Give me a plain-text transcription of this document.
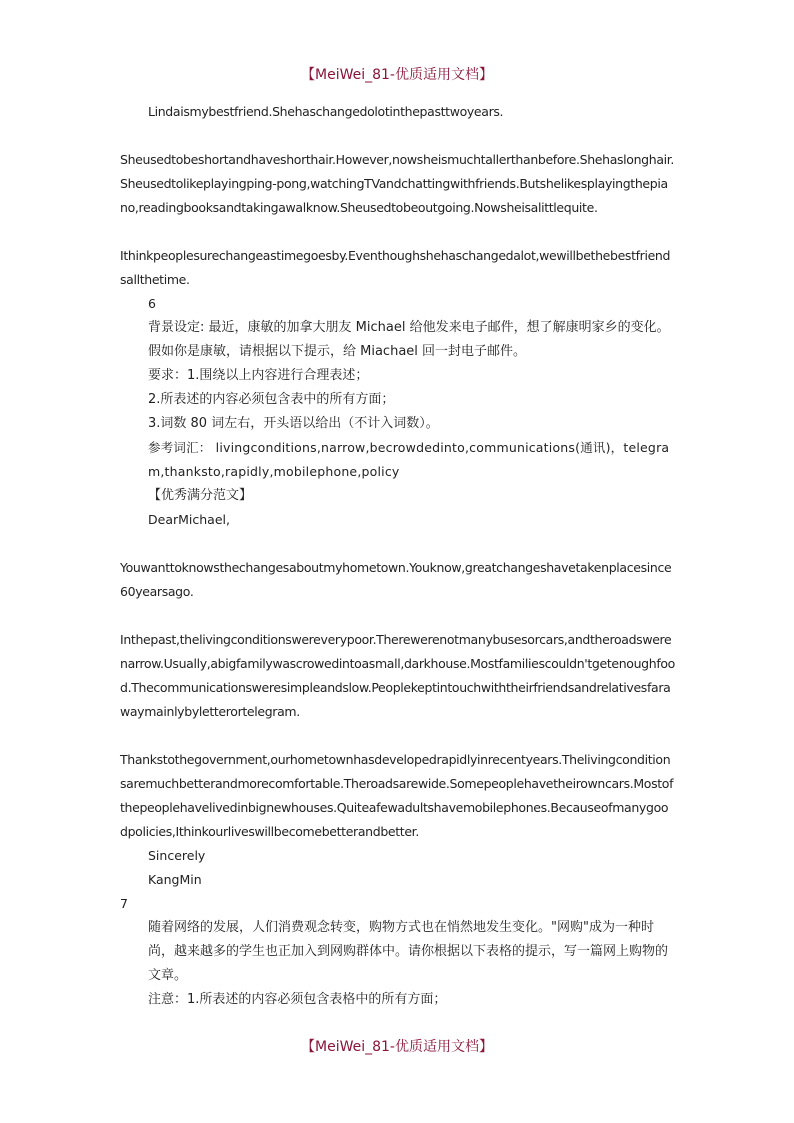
【MeiWei_81-优质适用文档】

Lindaismybestfriend.Shehaschangedolotinthepasttwoyears.

Sheusedtobeshortandhaveshorthair.However,nowsheismuchtallerthanbefore.Shehaslonghair.Sheusedtolikeplayingping-pong,watchingTVandchattingwithfriends.Butshelikesplayingthepiano,readingbooksandtakingawalknow.Sheusedtobeoutgoing.Nowsheisalittlequite.

Ithinkpeoplesurechangeastimegoesby.Eventhoughshehaschangedalot,wewillbethebestfriendsallthetime.

6

背景设定: 最近，康敏的加拿大朋友 Michael 给他发来电子邮件，想了解康明家乡的变化。假如你是康敏，请根据以下提示，给 Miachael 回一封电子邮件。

要求：1.围绕以上内容进行合理表述；

2.所表述的内容必须包含表中的所有方面；

3.词数 80 词左右，开头语以给出（不计入词数）。

参考词汇： livingconditions,narrow,becrowdedinto,communications(通讯)，telegram,thanksto,rapidly,mobilephone,policy

【优秀满分范文】

DearMichael,

Youwanttoknowsthechangesaboutmyhometown.Youknow,greatchangeshavetakenplacesince60yearsago.

Inthepast,thelivingconditionswereverypoor.Therewerenotmanybusesorcars,andtheroadswerenarrow.Usually,abigfamilywascrowedintoasmall,darkhouse.Mostfamiliescouldn'tgetenoughfood.Thecommunicationsweresimpleandslow.Peoplekeptintouchwiththeirfriendsandrelativesfarawaymainlybyletterortelegram.

Thankstothegovernment,ourhometownhasdevelopedrapidlyinrecentyears.Thelivingconditionsaremuchbetterandmorecomfortable.Theroadsarewide.Somepeoplehavetheirowncars.Mostofthepeoplehavelivedinbignewhouses.Quiteafewadultshavemobilephones.Becauseofmanygoodpolicies,Ithinkourliveswillbecomebetterandbetter.

Sincerely

KangMin

7

随着网络的发展，人们消费观念转变，购物方式也在悄然地发生变化。"网购"成为一种时尚，越来越多的学生也正加入到网购群体中。请你根据以下表格的提示，写一篇网上购物的文章。

注意：1.所表述的内容必须包含表格中的所有方面；

【MeiWei_81-优质适用文档】
